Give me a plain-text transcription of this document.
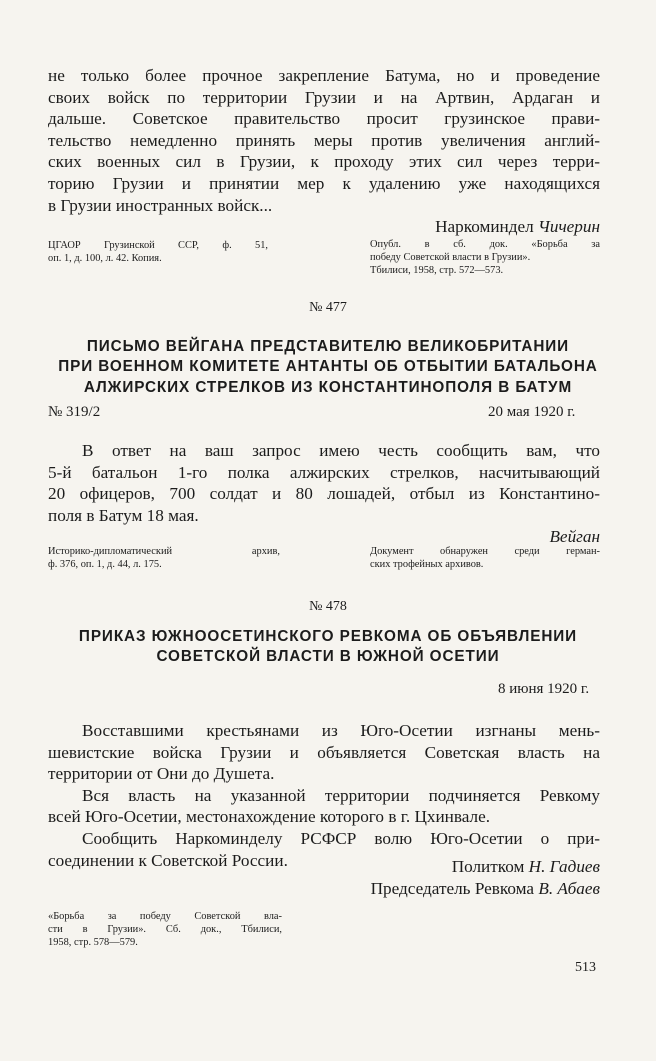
не только более прочное закрепление Батума, но и проведение
своих войск по территории Грузии и на Артвин, Ардаган и
дальше. Советское правительство просит грузинское прави-
тельство немедленно принять меры против увеличения англий-
ских военных сил в Грузии, к проходу этих сил через терри-
торию Грузии и принятии мер к удалению уже находящихся
в Грузии иностранных войск...
Наркоминдел Чичерин
ЦГАОР Грузинской ССР, ф. 51,
оп. 1, д. 100, л. 42. Копия.
Опубл. в сб. док. «Борьба за
победу Советской власти в Грузии».
Тбилиси, 1958, стр. 572—573.
№ 477
ПИСЬМО ВЕЙГАНА ПРЕДСТАВИТЕЛЮ ВЕЛИКОБРИТАНИИ
ПРИ ВОЕННОМ КОМИТЕТЕ АНТАНТЫ ОБ ОТБЫТИИ БАТАЛЬОНА
АЛЖИРСКИХ СТРЕЛКОВ ИЗ КОНСТАНТИНОПОЛЯ В БАТУМ
№ 319/2	20 мая 1920 г.
В ответ на ваш запрос имею честь сообщить вам, что
5-й батальон 1-го полка алжирских стрелков, насчитывающий
20 офицеров, 700 солдат и 80 лошадей, отбыл из Константино-
поля в Батум 18 мая.
Вейган
Историко-дипломатический архив,
ф. 376, оп. 1, д. 44, л. 175.
Документ обнаружен среди герман-
ских трофейных архивов.
№ 478
ПРИКАЗ ЮЖНООСЕТИНСКОГО РЕВКОМА ОБ ОБЪЯВЛЕНИИ
СОВЕТСКОЙ ВЛАСТИ В ЮЖНОЙ ОСЕТИИ
8 июня 1920 г.
Восставшими крестьянами из Юго-Осетии изгнаны мень-
шевистские войска Грузии и объявляется Советская власть на
территории от Они до Душета.
Вся власть на указанной территории подчиняется Ревкому
всей Юго-Осетии, местонахождение которого в г. Цхинвале.
Сообщить Наркоминделу РСФСР волю Юго-Осетии о при-
соединении к Советской России.	Политком Н. Гадиев
Председатель Ревкома В. Абаев
«Борьба за победу Советской вла-
сти в Грузии». Сб. док., Тбилиси,
1958, стр. 578—579.
513
